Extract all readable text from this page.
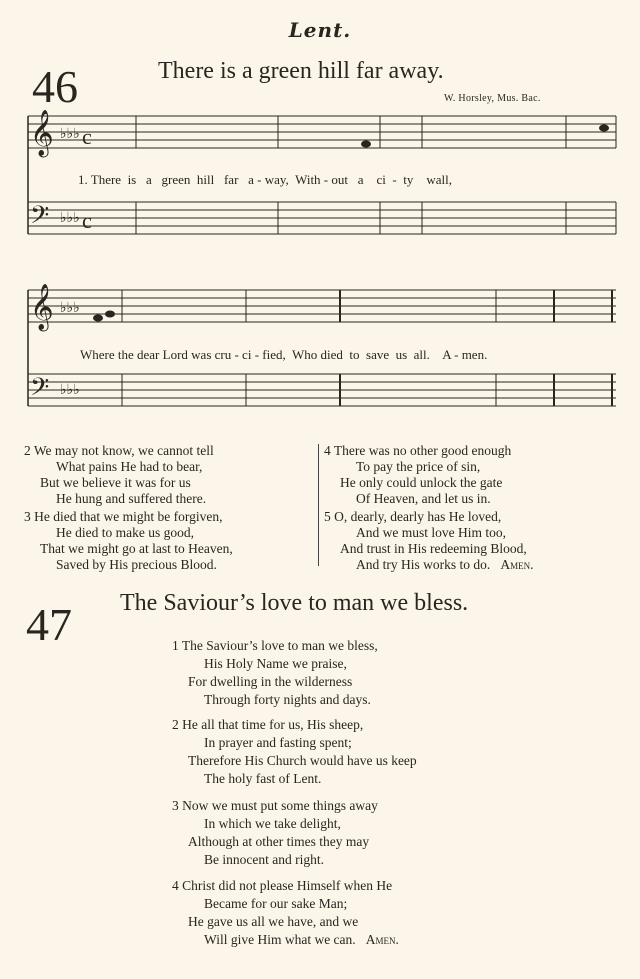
Lent.
46	There is a green hill far away.
W. Horsley, Mus. Bac.
𝄞 ♭♭♭ c
𝄢 ♭♭♭ c
1. There  is   a   green  hill   far   a - way,  With - out   a    ci  -  ty    wall,
𝄞 ♭♭♭
𝄢 ♭♭♭
Where the dear Lord was cru - ci - fied,  Who died  to  save  us  all.    A - men.
2 We may not know, we cannot tell
What pains He had to bear,
But we believe it was for us
He hung and suffered there.
3 He died that we might be forgiven,
He died to make us good,
That we might go at last to Heaven,
Saved by His precious Blood.
4 There was no other good enough
To pay the price of sin,
He only could unlock the gate
Of Heaven, and let us in.
5 O, dearly, dearly has He loved,
And we must love Him too,
And trust in His redeeming Blood,
And try His works to do. Amen.
47 The Saviour’s love to man we bless.
1 The Saviour’s love to man we bless,
His Holy Name we praise,
For dwelling in the wilderness
Through forty nights and days.
2 He all that time for us, His sheep,
In prayer and fasting spent;
Therefore His Church would have us keep
The holy fast of Lent.
3 Now we must put some things away
In which we take delight,
Although at other times they may
Be innocent and right.
4 Christ did not please Himself when He
Became for our sake Man;
He gave us all we have, and we
Will give Him what we can. Amen.
